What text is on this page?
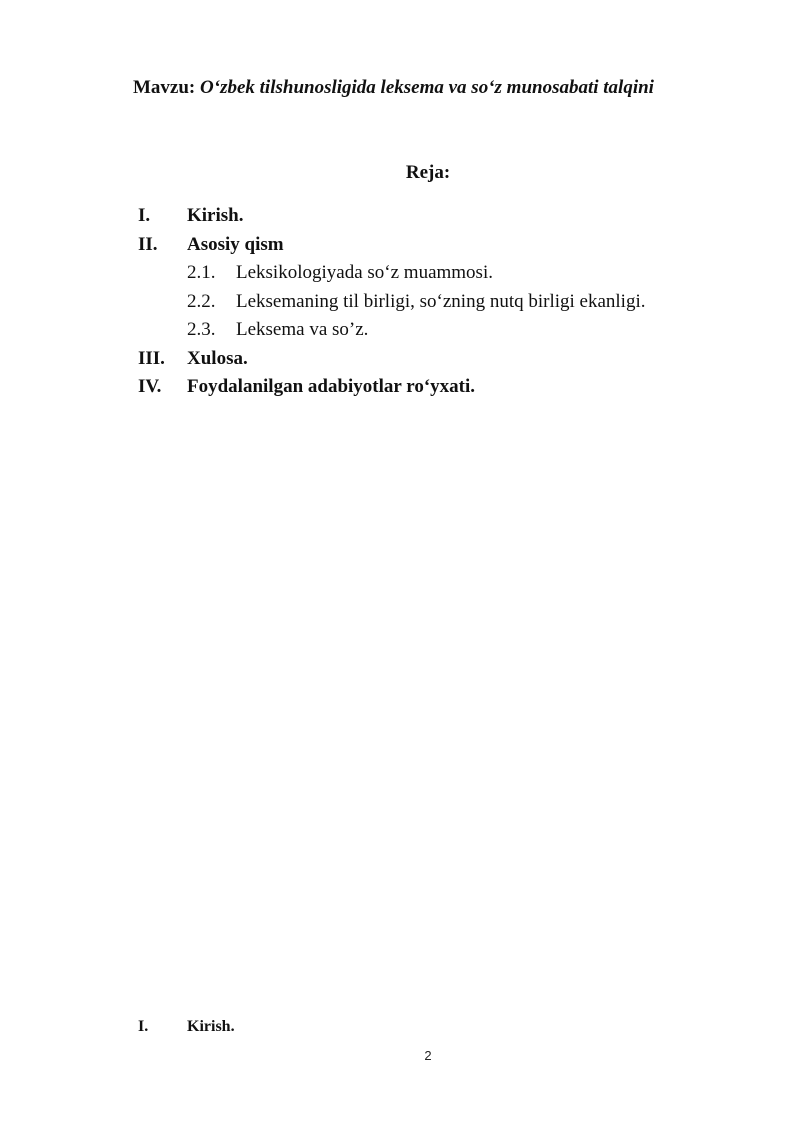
Mavzu: O‘zbek tilshunosligida leksema va so‘z munosabati talqini
Reja:
I.	Kirish.
II.	Asosiy qism
2.1.	Leksikologiyada so‘z muammosi.
2.2.	Leksemaning til birligi, so‘zning nutq birligi ekanligi.
2.3.	Leksema va so’z.
III.	Xulosa.
IV.	Foydalanilgan adabiyotlar ro‘yxati.
I.	Kirish.
2
